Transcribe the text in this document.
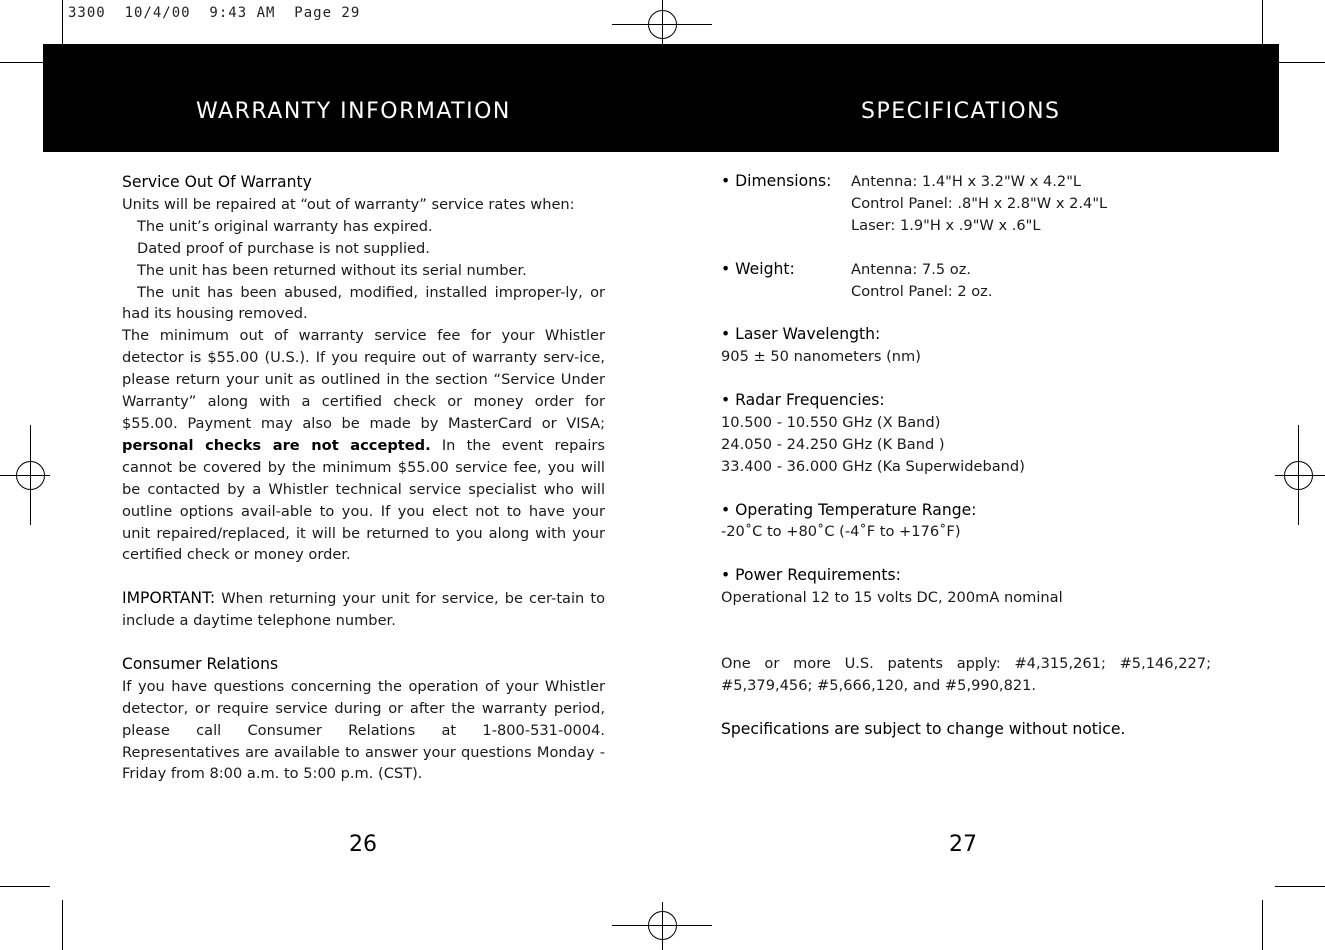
3300  10/4/00  9:43 AM  Page 29
WARRANTY INFORMATION	SPECIFICATIONS
Service Out Of Warranty
Units will be repaired at “out of warranty” service rates when:
The unit’s original warranty has expired.
Dated proof of purchase is not supplied.
The unit has been returned without its serial number.
The unit has been abused, modified, installed improper-ly, or had its housing removed.
The minimum out of warranty service fee for your Whistler detector is $55.00 (U.S.). If you require out of warranty serv-ice, please return your unit as outlined in the section “Service Under Warranty” along with a certified check or money order for $55.00. Payment may also be made by MasterCard or VISA; personal checks are not accepted. In the event repairs cannot be covered by the minimum $55.00 service fee, you will be contacted by a Whistler technical service specialist who will outline options avail-able to you. If you elect not to have your unit repaired/replaced, it will be returned to you along with your certified check or money order.
IMPORTANT: When returning your unit for service, be cer-tain to include a daytime telephone number.
Consumer Relations
If you have questions concerning the operation of your Whistler detector, or require service during or after the warranty period, please call Consumer Relations at 1-800-531-0004. Representatives are available to answer your questions Monday - Friday from 8:00 a.m. to 5:00 p.m. (CST).
• Dimensions:	Antenna: 1.4"H x 3.2"W x 4.2"L
Control Panel: .8"H x 2.8"W x 2.4"L
Laser: 1.9"H x .9"W x .6"L
• Weight:	Antenna: 7.5 oz.
Control Panel: 2 oz.
• Laser Wavelength:
905 ± 50 nanometers (nm)
• Radar Frequencies:
10.500 - 10.550 GHz (X Band)
24.050 - 24.250 GHz (K Band )
33.400 - 36.000 GHz (Ka Superwideband)
• Operating Temperature Range:
-20˚C to +80˚C (-4˚F to +176˚F)
• Power Requirements:
Operational 12 to 15 volts DC, 200mA nominal
One or more U.S. patents apply: #4,315,261; #5,146,227; #5,379,456; #5,666,120, and #5,990,821.
Specifications are subject to change without notice.
26	27
